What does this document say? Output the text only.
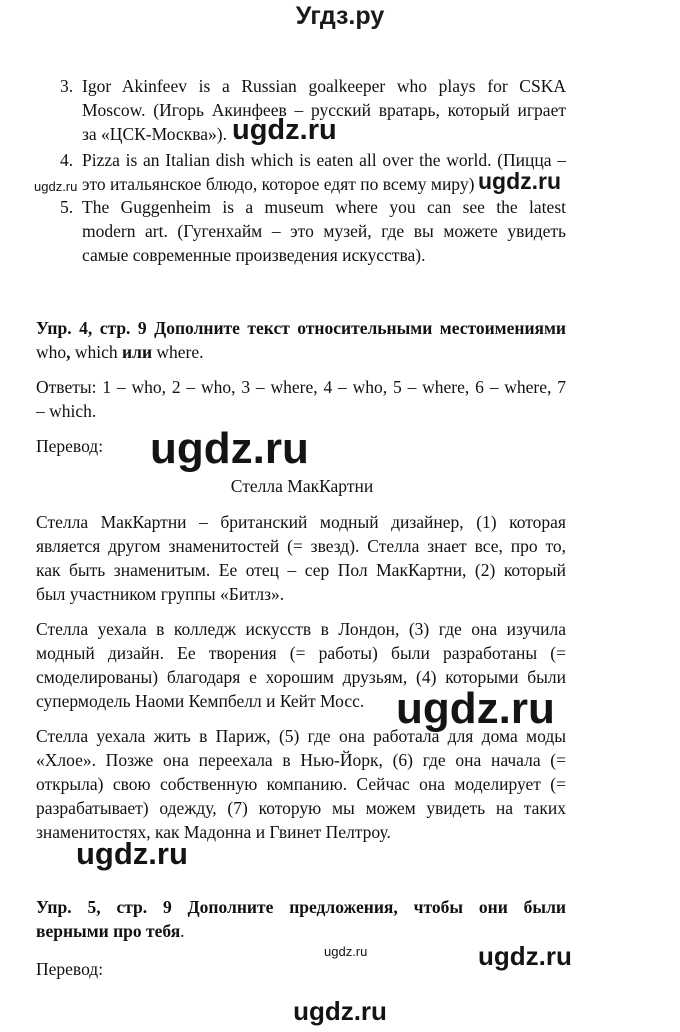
Угдз.ру
3. Igor Akinfeev is a Russian goalkeeper who plays for CSKA
Moscow. (Игорь Акинфеев – русский вратарь, который играет
за «ЦСК-Москва»). ugdz.ru
4. Pizza is an Italian dish which is eaten all over the world. (Пицца –
это итальянское блюдо, которое едят по всему миру)
ugdz.ru	ugdz.ru
5. The Guggenheim is a museum where you can see the latest
modern art. (Гугенхайм – это музей, где вы можете увидеть
самые современные произведения искусства).
Упр. 4, стр. 9 Дополните текст относительными местоимениями
who, which или where.
Ответы: 1 – who, 2 – who, 3 – where, 4 – who, 5 – where, 6 – where, 7
– which.
Перевод: ugdz.ru
Стелла МакКартни
Стелла МакКартни – британский модный дизайнер, (1) которая
является другом знаменитостей (= звезд). Стелла знает все, про то,
как быть знаменитым. Ее отец – сер Пол МакКартни, (2) который
был участником группы «Битлз».
Стелла уехала в колледж искусств в Лондон, (3) где она изучила
модный дизайн. Ее творения (= работы) были разработаны (=
смоделированы) благодаря е хорошим друзьям, (4) которыми были
супермодель Наоми Кемпбелл и Кейт Мосс. ugdz.ru
Стелла уехала жить в Париж, (5) где она работала для дома моды
«Хлое». Позже она переехала в Нью-Йорк, (6) где она начала (=
открыла) свою собственную компанию. Сейчас она моделирует (=
разрабатывает) одежду, (7) которую мы можем увидеть на таких
знаменитостях, как Мадонна и Гвинет Пелтроу.
ugdz.ru
Упр. 5, стр. 9 Дополните предложения, чтобы они были
верными про тебя.
ugdz.ru	ugdz.ru
Перевод:
ugdz.ru
